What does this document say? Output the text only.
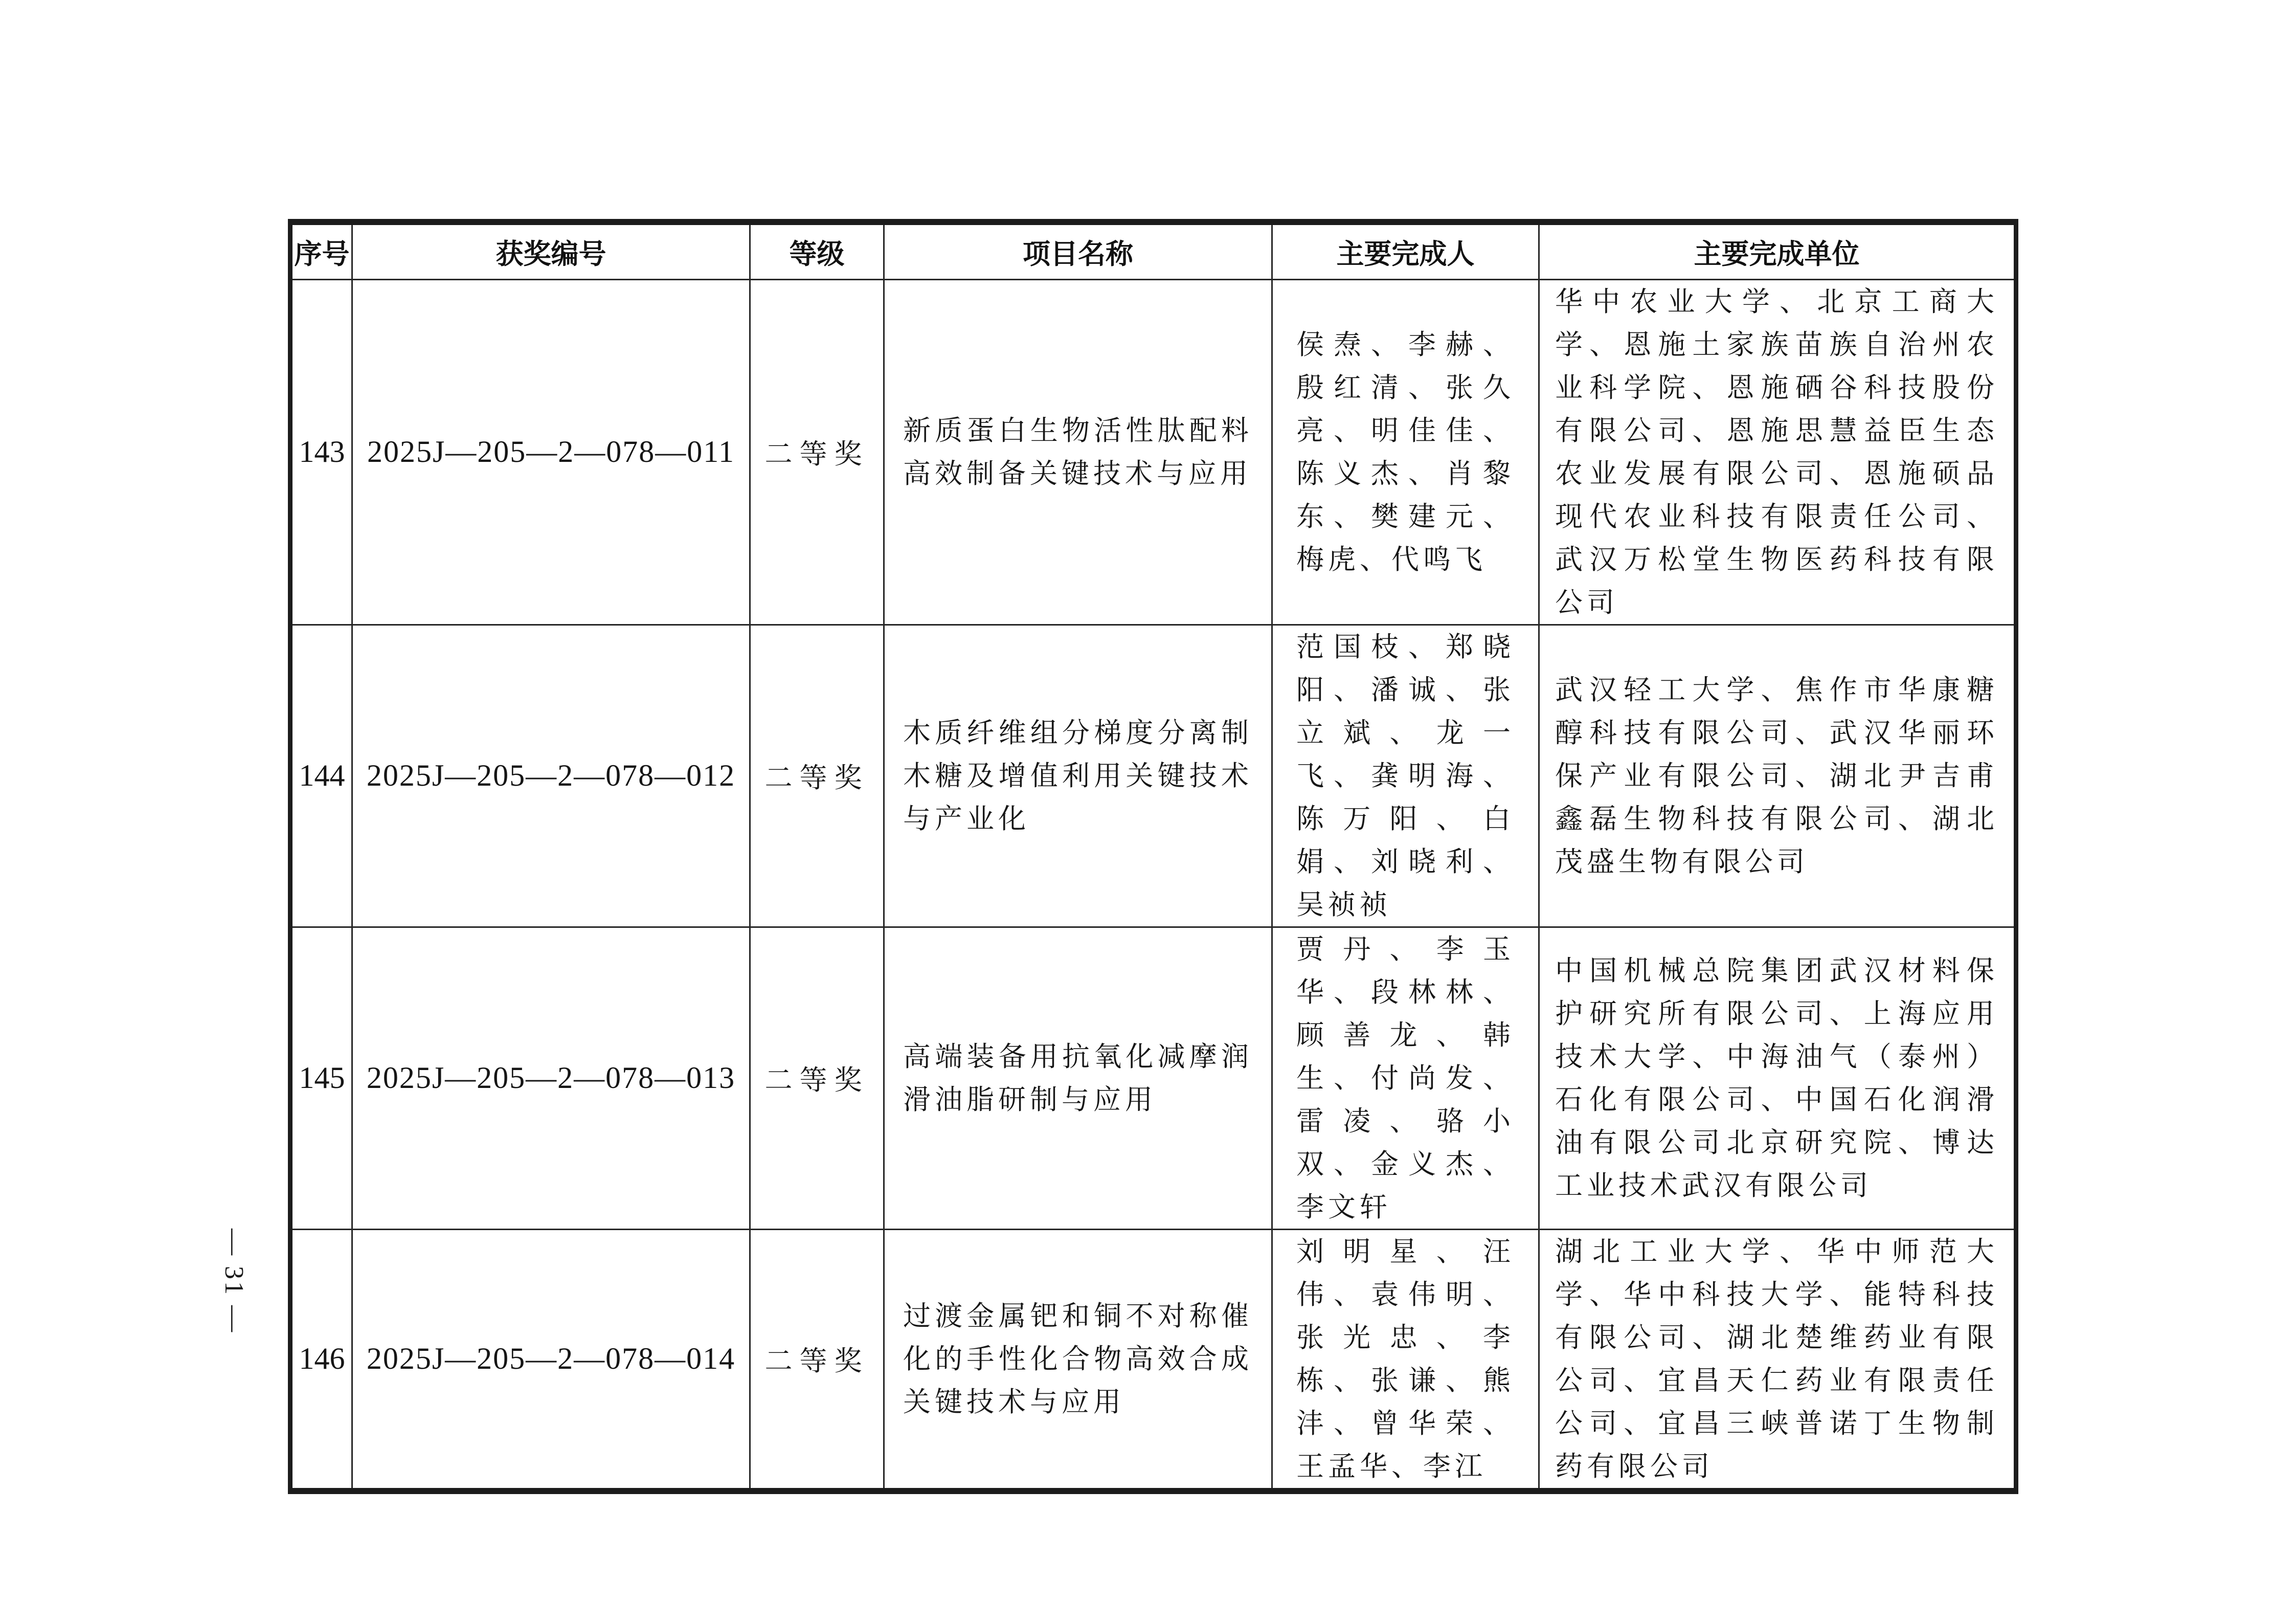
— 31 —
序号	获奖编号	等级	项目名称	主要完成人	主要完成单位
143	2025J—205—2—078—011	二等奖	新质蛋白生物活性肽配料高效制备关键技术与应用	侯焘、李赫、殷红清、张久亮、明佳佳、陈义杰、肖黎东、樊建元、梅虎、代鸣飞	华中农业大学、北京工商大学、恩施土家族苗族自治州农业科学院、恩施硒谷科技股份有限公司、恩施思慧益臣生态农业发展有限公司、恩施硕品现代农业科技有限责任公司、武汉万松堂生物医药科技有限公司

144	2025J—205—2—078—012	二等奖	木质纤维组分梯度分离制木糖及增值利用关键技术与产业化	范国枝、郑晓阳、潘诚、张立斌、龙一飞、龚明海、陈万阳、白娟、刘晓利、吴祯祯	武汉轻工大学、焦作市华康糖醇科技有限公司、武汉华丽环保产业有限公司、湖北尹吉甫鑫磊生物科技有限公司、湖北茂盛生物有限公司

145	2025J—205—2—078—013	二等奖	高端装备用抗氧化减摩润滑油脂研制与应用	贾丹、李玉华、段林林、顾善龙、韩生、付尚发、雷凌、骆小双、金义杰、李文轩	中国机械总院集团武汉材料保护研究所有限公司、上海应用技术大学、中海油气（泰州）石化有限公司、中国石化润滑油有限公司北京研究院、博达工业技术武汉有限公司

146	2025J—205—2—078—014	二等奖	过渡金属钯和铜不对称催化的手性化合物高效合成关键技术与应用	刘明星、汪伟、袁伟明、张光忠、李栋、张谦、熊沣、曾华荣、王孟华、李江	湖北工业大学、华中师范大学、华中科技大学、能特科技有限公司、湖北楚维药业有限公司、宜昌天仁药业有限责任公司、宜昌三峡普诺丁生物制药有限公司
